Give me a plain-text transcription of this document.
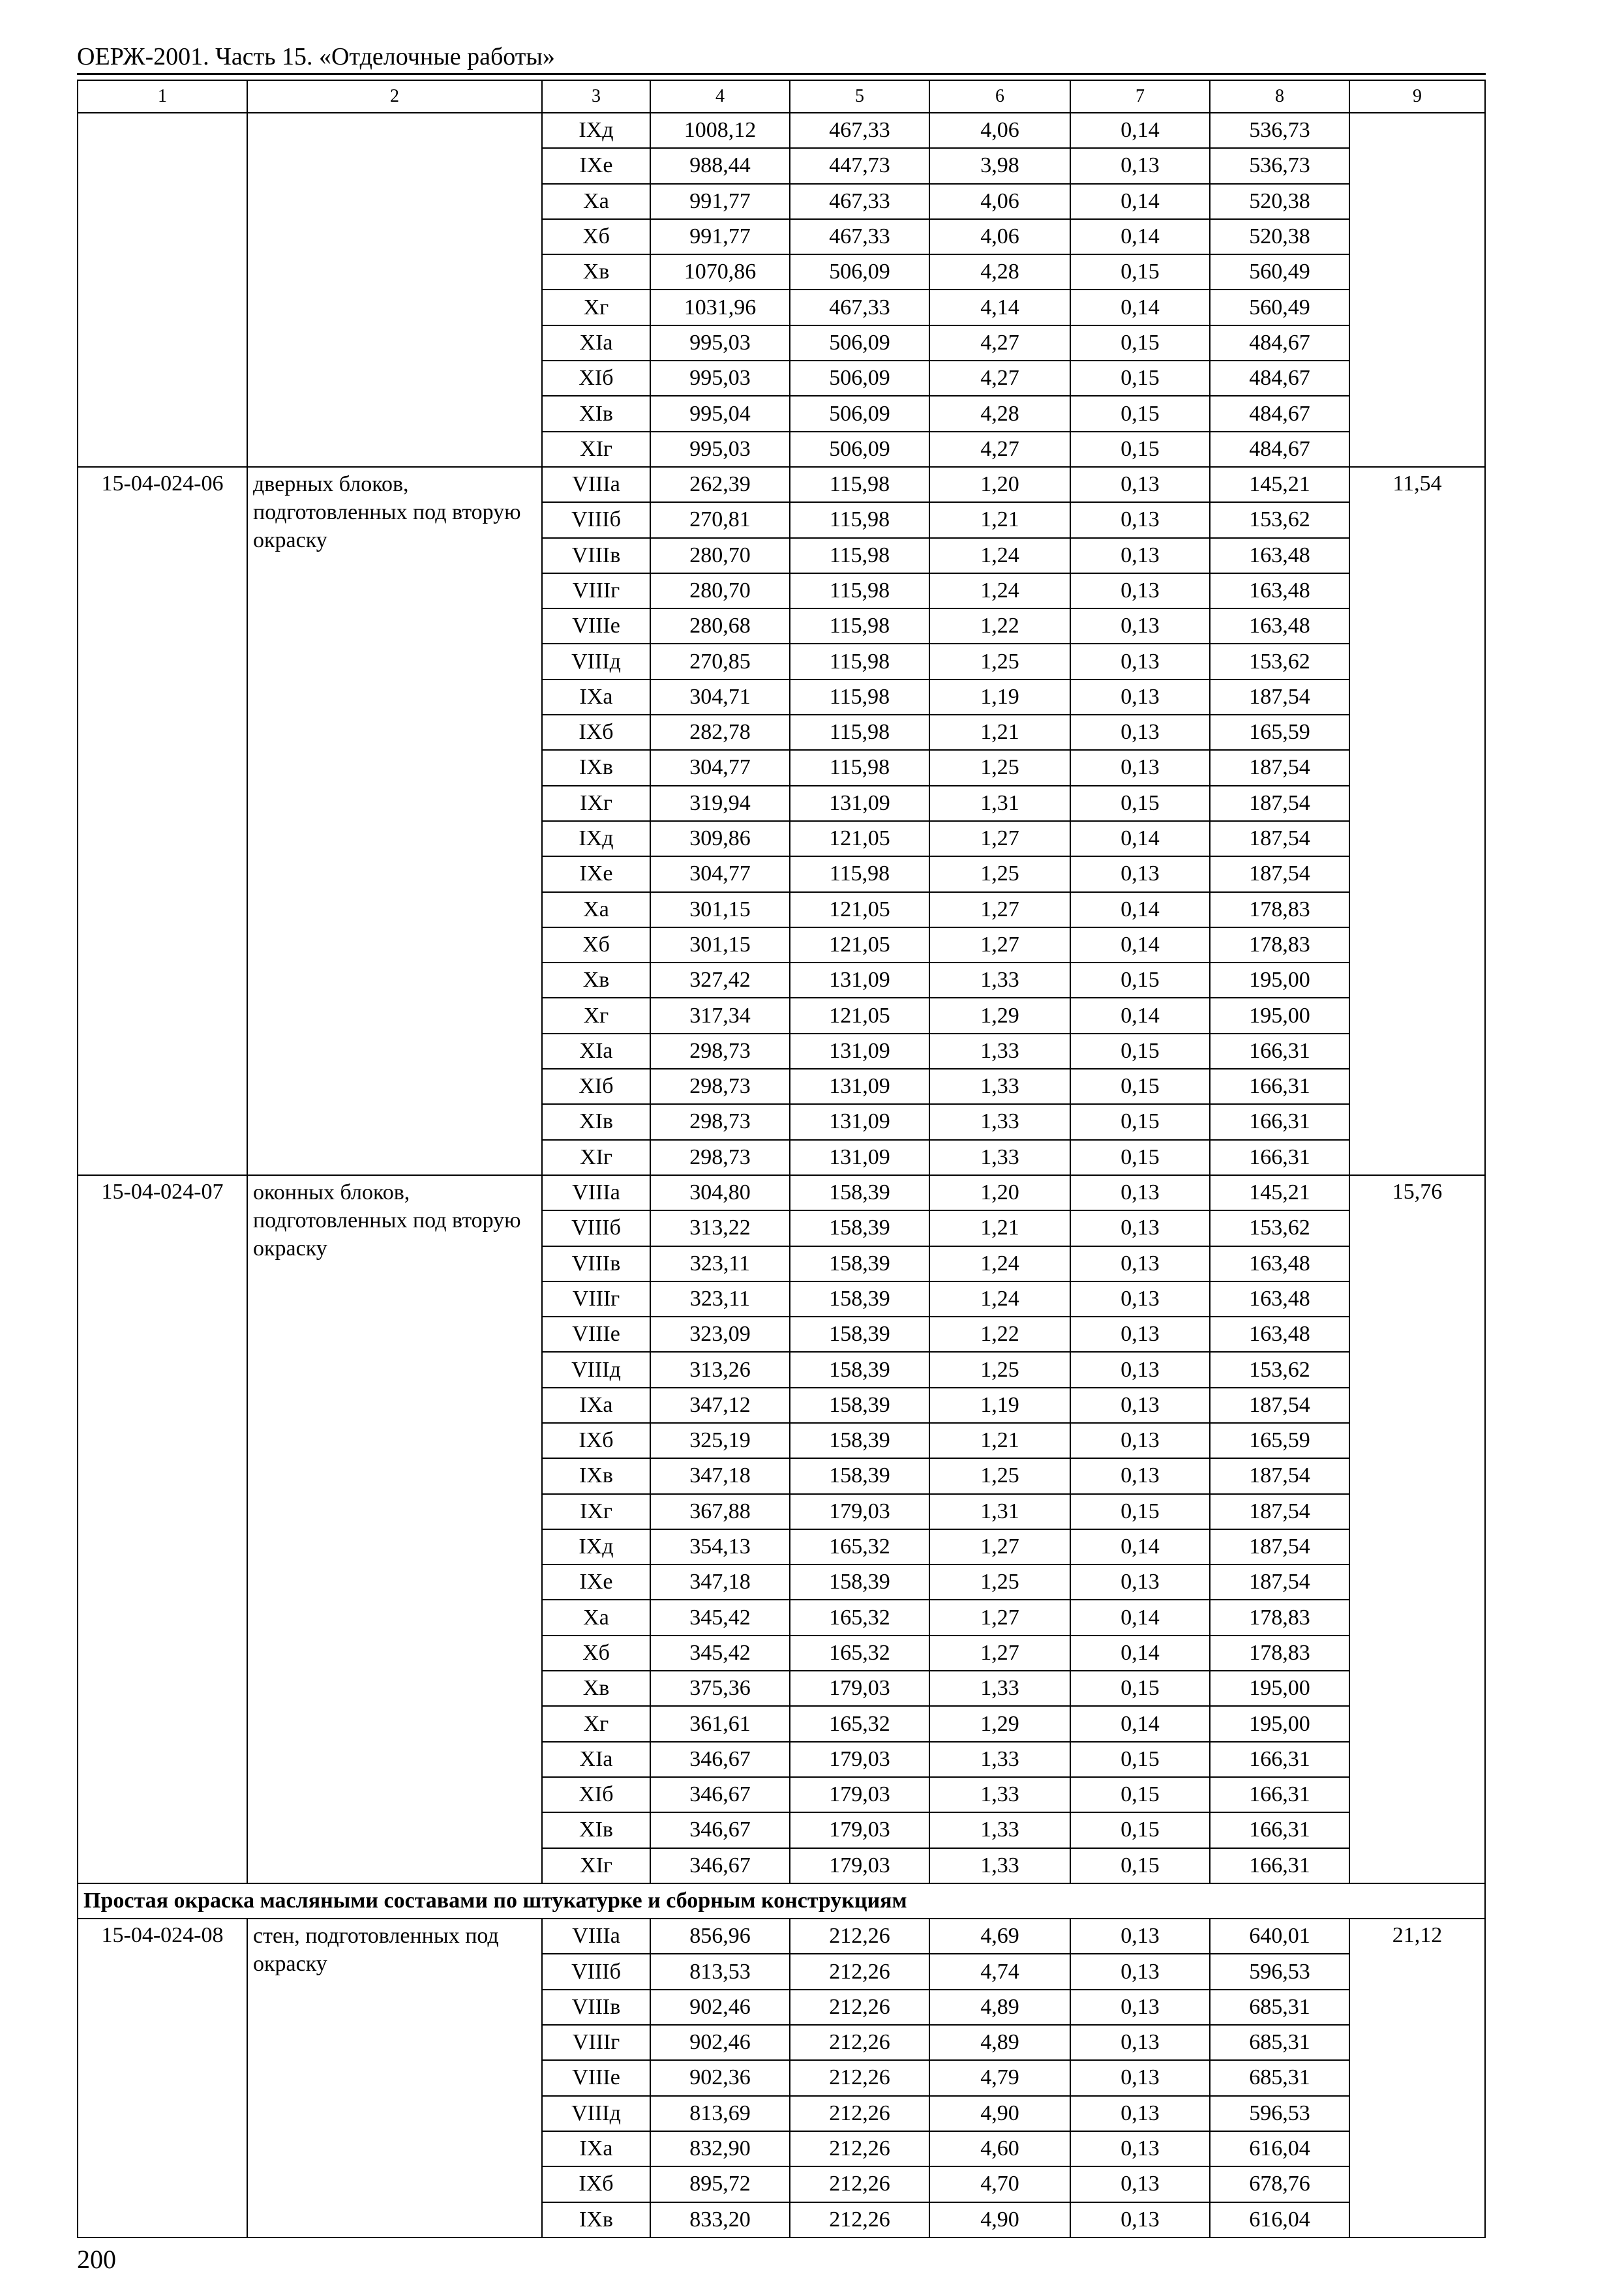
ОЕРЖ-2001. Часть 15. «Отделочные работы»
1	2	3	4	5	6	7	8	9
		IXд	1008,12	467,33	4,06	0,14	536,73	
		IXе	988,44	447,73	3,98	0,13	536,73	
		Xа	991,77	467,33	4,06	0,14	520,38	
		Xб	991,77	467,33	4,06	0,14	520,38	
		Xв	1070,86	506,09	4,28	0,15	560,49	
		Xг	1031,96	467,33	4,14	0,14	560,49	
		XIа	995,03	506,09	4,27	0,15	484,67	
		XIб	995,03	506,09	4,27	0,15	484,67	
		XIв	995,04	506,09	4,28	0,15	484,67	
		XIг	995,03	506,09	4,27	0,15	484,67	
15-04-024-06	дверных блоков, подготовленных под вторую окраску	VIIIа	262,39	115,98	1,20	0,13	145,21	11,54
		VIIIб	270,81	115,98	1,21	0,13	153,62	
		VIIIв	280,70	115,98	1,24	0,13	163,48	
		VIIIг	280,70	115,98	1,24	0,13	163,48	
		VIIIе	280,68	115,98	1,22	0,13	163,48	
		VIIIд	270,85	115,98	1,25	0,13	153,62	
		IXа	304,71	115,98	1,19	0,13	187,54	
		IXб	282,78	115,98	1,21	0,13	165,59	
		IXв	304,77	115,98	1,25	0,13	187,54	
		IXг	319,94	131,09	1,31	0,15	187,54	
		IXд	309,86	121,05	1,27	0,14	187,54	
		IXе	304,77	115,98	1,25	0,13	187,54	
		Xа	301,15	121,05	1,27	0,14	178,83	
		Xб	301,15	121,05	1,27	0,14	178,83	
		Xв	327,42	131,09	1,33	0,15	195,00	
		Xг	317,34	121,05	1,29	0,14	195,00	
		XIа	298,73	131,09	1,33	0,15	166,31	
		XIб	298,73	131,09	1,33	0,15	166,31	
		XIв	298,73	131,09	1,33	0,15	166,31	
		XIг	298,73	131,09	1,33	0,15	166,31	
15-04-024-07	оконных блоков, подготовленных под вторую окраску	VIIIа	304,80	158,39	1,20	0,13	145,21	15,76
		VIIIб	313,22	158,39	1,21	0,13	153,62	
		VIIIв	323,11	158,39	1,24	0,13	163,48	
		VIIIг	323,11	158,39	1,24	0,13	163,48	
		VIIIе	323,09	158,39	1,22	0,13	163,48	
		VIIIд	313,26	158,39	1,25	0,13	153,62	
		IXа	347,12	158,39	1,19	0,13	187,54	
		IXб	325,19	158,39	1,21	0,13	165,59	
		IXв	347,18	158,39	1,25	0,13	187,54	
		IXг	367,88	179,03	1,31	0,15	187,54	
		IXд	354,13	165,32	1,27	0,14	187,54	
		IXе	347,18	158,39	1,25	0,13	187,54	
		Xа	345,42	165,32	1,27	0,14	178,83	
		Xб	345,42	165,32	1,27	0,14	178,83	
		Xв	375,36	179,03	1,33	0,15	195,00	
		Xг	361,61	165,32	1,29	0,14	195,00	
		XIа	346,67	179,03	1,33	0,15	166,31	
		XIб	346,67	179,03	1,33	0,15	166,31	
		XIв	346,67	179,03	1,33	0,15	166,31	
		XIг	346,67	179,03	1,33	0,15	166,31	
Простая окраска масляными составами по штукатурке и сборным конструкциям								
15-04-024-08	стен, подготовленных под окраску	VIIIа	856,96	212,26	4,69	0,13	640,01	21,12
		VIIIб	813,53	212,26	4,74	0,13	596,53	
		VIIIв	902,46	212,26	4,89	0,13	685,31	
		VIIIг	902,46	212,26	4,89	0,13	685,31	
		VIIIе	902,36	212,26	4,79	0,13	685,31	
		VIIIд	813,69	212,26	4,90	0,13	596,53	
		IXа	832,90	212,26	4,60	0,13	616,04	
		IXб	895,72	212,26	4,70	0,13	678,76	
		IXв	833,20	212,26	4,90	0,13	616,04	
200
